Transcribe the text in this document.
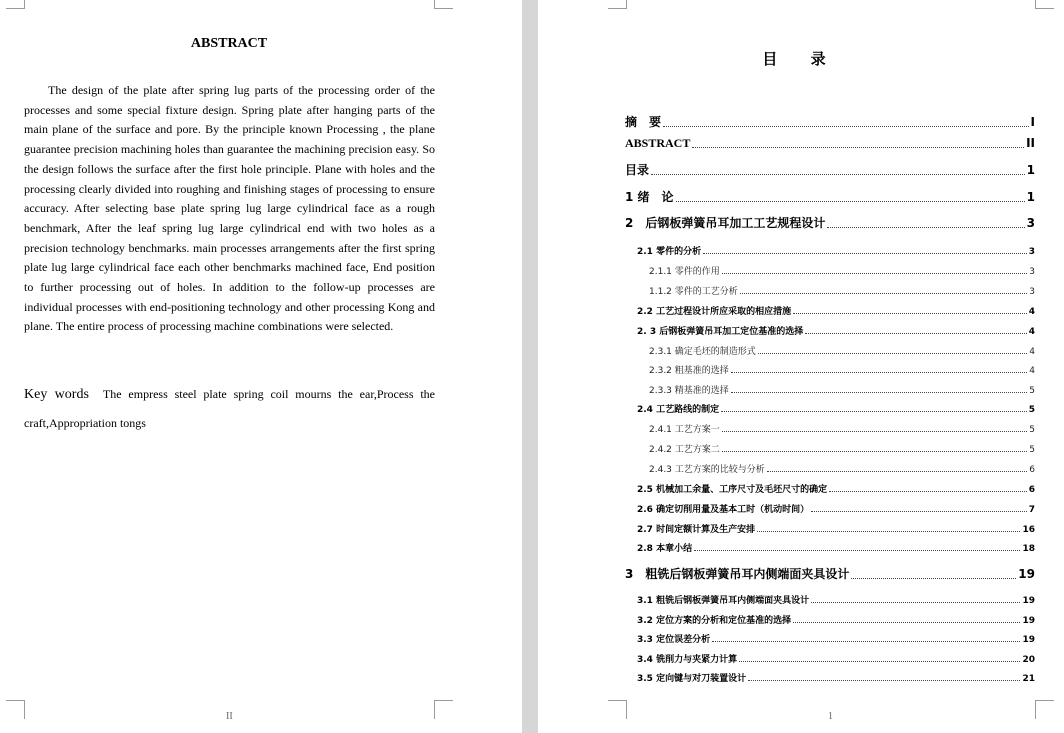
ABSTRACT

The design of the plate after spring lug parts of the processing order of the processes and some special fixture design. Spring plate after hanging parts of the main plane of the surface and pore. By the principle known Processing , the plane guarantee precision machining holes than guarantee the machining precision easy. So the design follows the surface after the first hole principle. Plane with holes and the processing clearly divided into roughing and finishing stages of processing to ensure accuracy. After selecting base plate spring lug large cylindrical face as a rough benchmark, After the leaf spring lug large cylindrical end with two holes as a precision technology benchmarks. main processes arrangements after the first spring plate lug large cylindrical face each other benchmarks machined face, End position to further processing out of holes. In addition to the follow-up processes are individual processes with end-positioning technology and other processing Kong and plane. The entire process of processing machine combinations were selected.

Key words The empress steel plate spring coil mourns the ear,Process the craft,Appropriation tongs
II
目 录
摘　要	I
ABSTRACT	II
目录	1
1 绪　论	1
2　后钢板弹簧吊耳加工工艺规程设计	3
2.1 零件的分析	3
2.1.1 零件的作用	3
1.1.2 零件的工艺分析	3
2.2 工艺过程设计所应采取的相应措施	4
2. 3 后钢板弹簧吊耳加工定位基准的选择	4
2.3.1 确定毛坯的制造形式	4
2.3.2 粗基准的选择	4
2.3.3 精基准的选择	5
2.4 工艺路线的制定	5
2.4.1 工艺方案一	5
2.4.2 工艺方案二	5
2.4.3 工艺方案的比较与分析	6
2.5 机械加工余量、工序尺寸及毛坯尺寸的确定	6
2.6 确定切削用量及基本工时（机动时间）	7
2.7 时间定额计算及生产安排	16
2.8 本章小结	18
3　粗铣后钢板弹簧吊耳内侧端面夹具设计	19
3.1 粗铣后钢板弹簧吊耳内侧端面夹具设计	19
3.2 定位方案的分析和定位基准的选择	19
3.3 定位误差分析	19
3.4 铣削力与夹紧力计算	20
3.5 定向键与对刀装置设计	21
1
